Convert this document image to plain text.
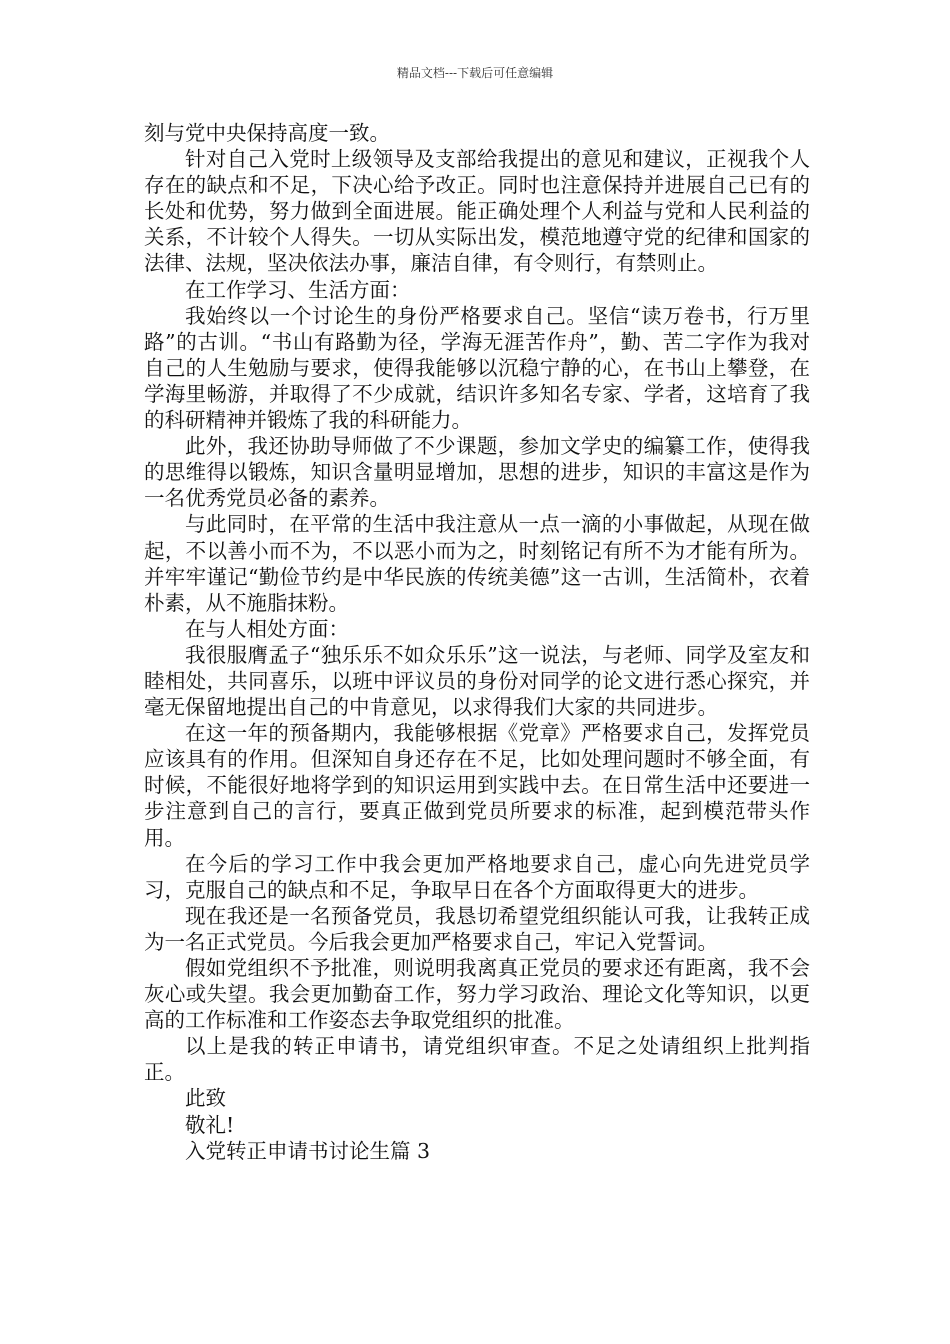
精品文档---下载后可任意编辑

刻与党中央保持高度一致。

针对自己入党时上级领导及支部给我提出的意见和建议，正视我个人存在的缺点和不足，下决心给予改正。同时也注意保持并进展自己已有的长处和优势，努力做到全面进展。能正确处理个人利益与党和人民利益的关系，不计较个人得失。一切从实际出发，模范地遵守党的纪律和国家的法律、法规，坚决依法办事，廉洁自律，有令则行，有禁则止。

在工作学习、生活方面：

我始终以一个讨论生的身份严格要求自己。坚信“读万卷书，行万里路”的古训。“书山有路勤为径，学海无涯苦作舟”，勤、苦二字作为我对自己的人生勉励与要求，使得我能够以沉稳宁静的心，在书山上攀登，在学海里畅游，并取得了不少成就，结识许多知名专家、学者，这培育了我的科研精神并锻炼了我的科研能力。

此外，我还协助导师做了不少课题，参加文学史的编纂工作，使得我的思维得以锻炼，知识含量明显增加，思想的进步，知识的丰富这是作为一名优秀党员必备的素养。

与此同时，在平常的生活中我注意从一点一滴的小事做起，从现在做起，不以善小而不为，不以恶小而为之，时刻铭记有所不为才能有所为。并牢牢谨记“勤俭节约是中华民族的传统美德”这一古训，生活简朴，衣着朴素，从不施脂抹粉。

在与人相处方面：

我很服膺孟子“独乐乐不如众乐乐”这一说法，与老师、同学及室友和睦相处，共同喜乐，以班中评议员的身份对同学的论文进行悉心探究，并毫无保留地提出自己的中肯意见，以求得我们大家的共同进步。

在这一年的预备期内，我能够根据《党章》严格要求自己，发挥党员应该具有的作用。但深知自身还存在不足，比如处理问题时不够全面，有时候，不能很好地将学到的知识运用到实践中去。在日常生活中还要进一步注意到自己的言行，要真正做到党员所要求的标准，起到模范带头作用。

在今后的学习工作中我会更加严格地要求自己，虚心向先进党员学习，克服自己的缺点和不足，争取早日在各个方面取得更大的进步。

现在我还是一名预备党员，我恳切希望党组织能认可我，让我转正成为一名正式党员。今后我会更加严格要求自己，牢记入党誓词。

假如党组织不予批准，则说明我离真正党员的要求还有距离，我不会灰心或失望。我会更加勤奋工作，努力学习政治、理论文化等知识，以更高的工作标准和工作姿态去争取党组织的批准。

以上是我的转正申请书，请党组织审查。不足之处请组织上批判指正。

此致

敬礼!

入党转正申请书讨论生篇 3
